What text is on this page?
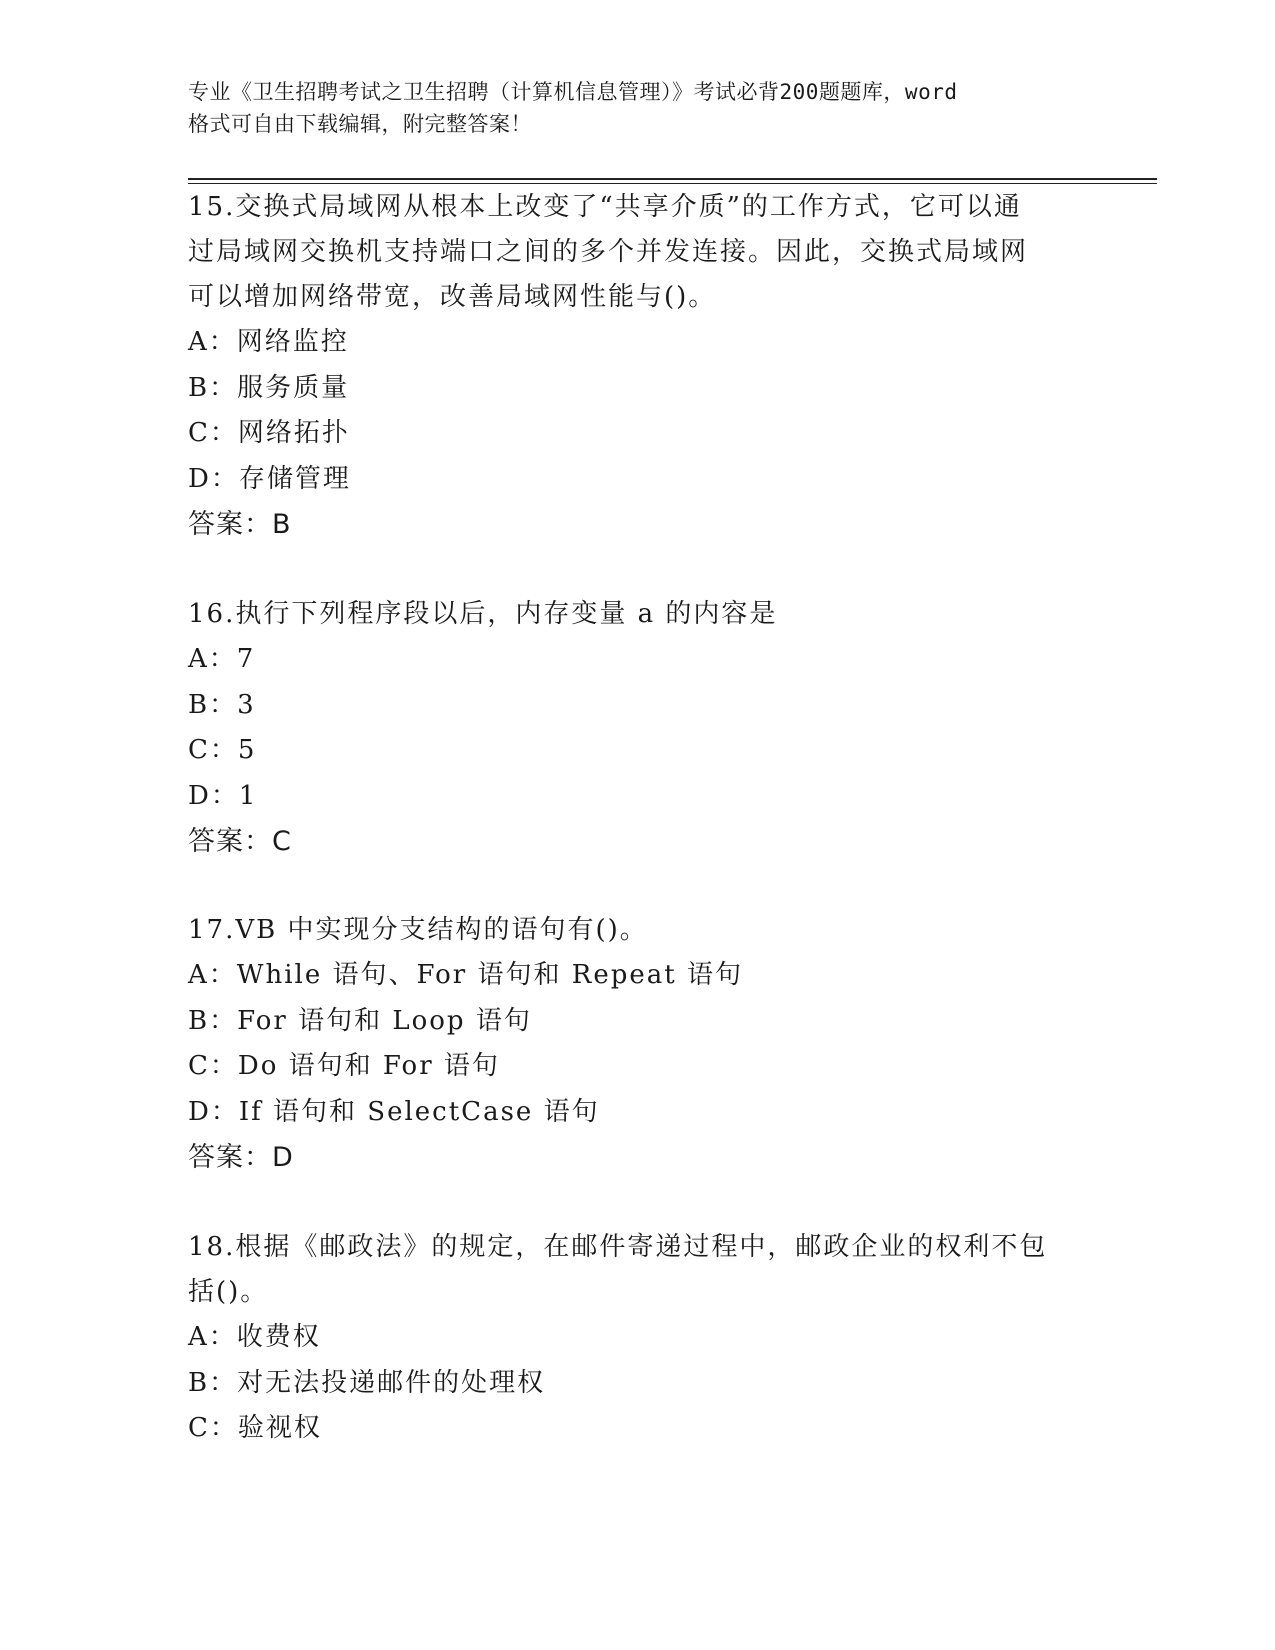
专业《卫生招聘考试之卫生招聘（计算机信息管理）》考试必背200题题库，word
格式可自由下载编辑，附完整答案！

15.交换式局域网从根本上改变了“共享介质”的工作方式，它可以通

过局域网交换机支持端口之间的多个并发连接。因此，交换式局域网

可以增加网络带宽，改善局域网性能与()。

A：网络监控

B：服务质量

C：网络拓扑

D：存储管理

答案：B

16.执行下列程序段以后，内存变量 a 的内容是

A：7

B：3

C：5

D：1

答案：C

17.VB 中实现分支结构的语句有()。

A：While 语句、For 语句和 Repeat 语句

B：For 语句和 Loop 语句

C：Do 语句和 For 语句

D：If 语句和 SelectCase 语句

答案：D

18.根据《邮政法》的规定，在邮件寄递过程中，邮政企业的权利不包

括()。

A：收费权

B：对无法投递邮件的处理权

C：验视权
